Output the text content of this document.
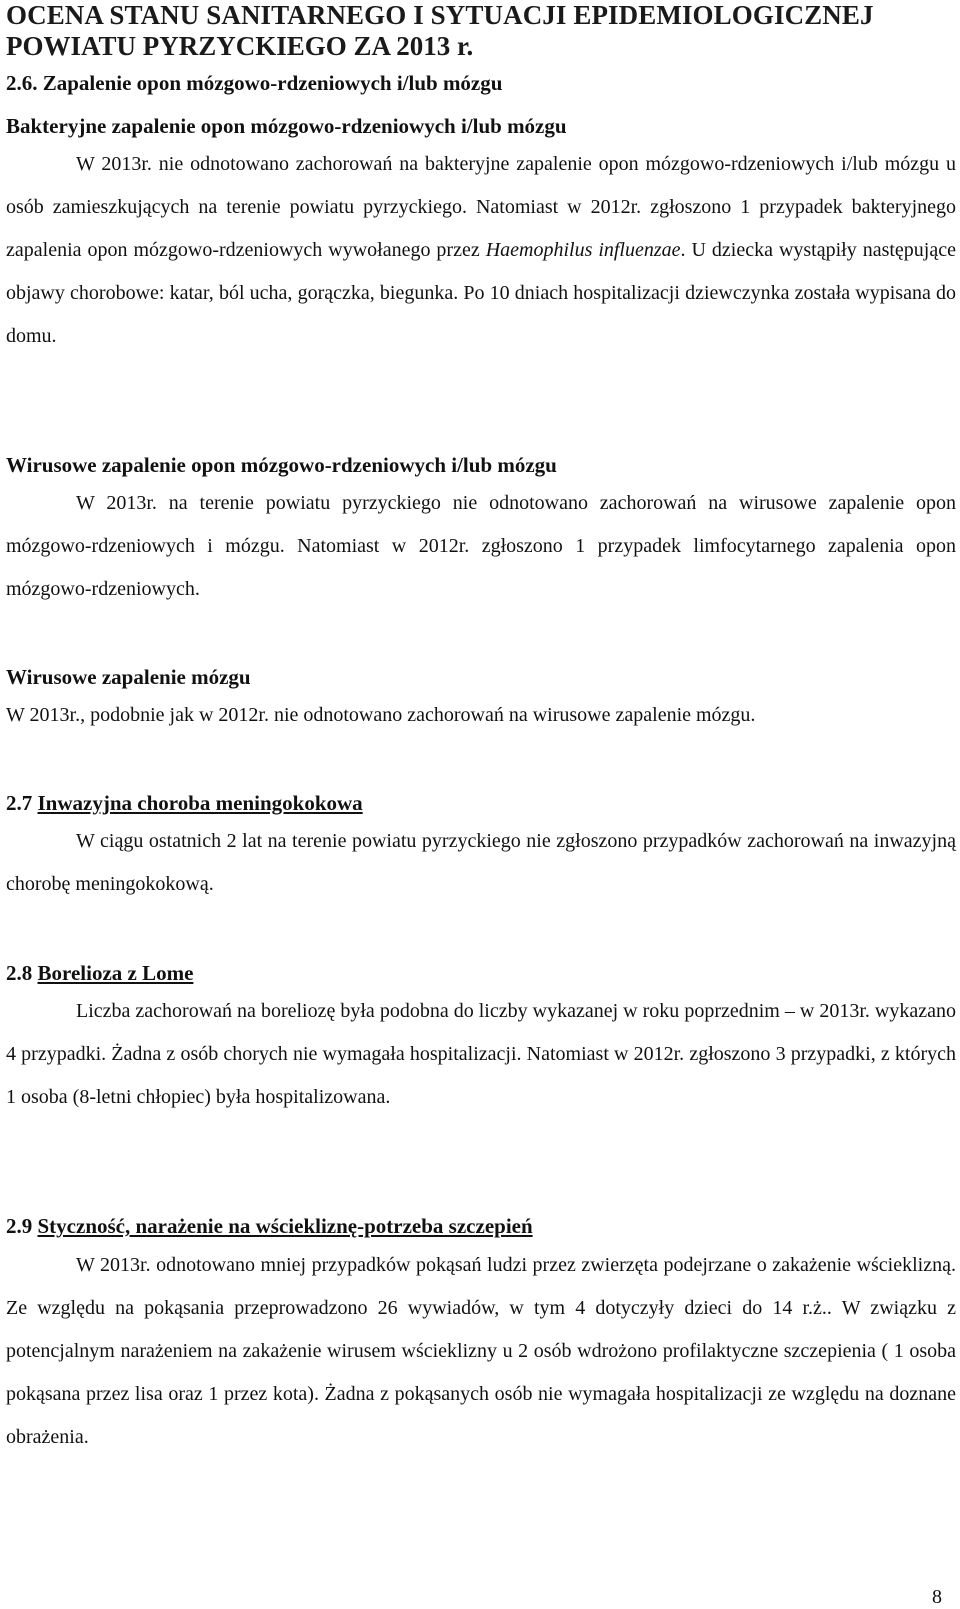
OCENA STANU SANITARNEGO I SYTUACJI EPIDEMIOLOGICZNEJ
POWIATU PYRZYCKIEGO ZA 2013 r.
2.6. Zapalenie opon mózgowo-rdzeniowych i/lub mózgu
Bakteryjne zapalenie opon mózgowo-rdzeniowych i/lub mózgu
W 2013r. nie odnotowano zachorowań na bakteryjne zapalenie opon mózgowo-rdzeniowych i/lub mózgu u osób zamieszkujących na terenie powiatu pyrzyckiego. Natomiast w 2012r. zgłoszono 1 przypadek bakteryjnego zapalenia opon mózgowo-rdzeniowych wywołanego przez Haemophilus influenzae. U dziecka wystąpiły następujące objawy chorobowe: katar, ból ucha, gorączka, biegunka. Po 10 dniach hospitalizacji dziewczynka została wypisana do domu.
Wirusowe zapalenie opon mózgowo-rdzeniowych i/lub mózgu
W 2013r. na terenie powiatu pyrzyckiego nie odnotowano zachorowań na wirusowe zapalenie opon mózgowo-rdzeniowych i mózgu. Natomiast w 2012r. zgłoszono 1 przypadek limfocytarnego zapalenia opon mózgowo-rdzeniowych.
Wirusowe zapalenie mózgu
W 2013r., podobnie jak w 2012r. nie odnotowano zachorowań na wirusowe zapalenie mózgu.
2.7 Inwazyjna choroba meningokokowa
W ciągu ostatnich 2 lat na terenie powiatu pyrzyckiego nie zgłoszono przypadków zachorowań na inwazyjną chorobę meningokokową.
2.8 Borelioza z Lome
Liczba zachorowań na boreliozę była podobna do liczby wykazanej w roku poprzednim – w 2013r. wykazano 4 przypadki. Żadna z osób chorych nie wymagała hospitalizacji. Natomiast w 2012r. zgłoszono 3 przypadki, z których 1 osoba (8-letni chłopiec) była hospitalizowana.
2.9 Styczność, narażenie na wściekliznę-potrzeba szczepień
W 2013r. odnotowano mniej przypadków pokąsań ludzi przez zwierzęta podejrzane o zakażenie wścieklizną. Ze względu na pokąsania przeprowadzono 26 wywiadów, w tym 4 dotyczyły dzieci do 14 r.ż.. W związku z potencjalnym narażeniem na zakażenie wirusem wścieklizny u 2 osób wdrożono profilaktyczne szczepienia ( 1 osoba pokąsana przez lisa oraz 1 przez kota). Żadna z pokąsanych osób nie wymagała hospitalizacji ze względu na doznane obrażenia.
8
